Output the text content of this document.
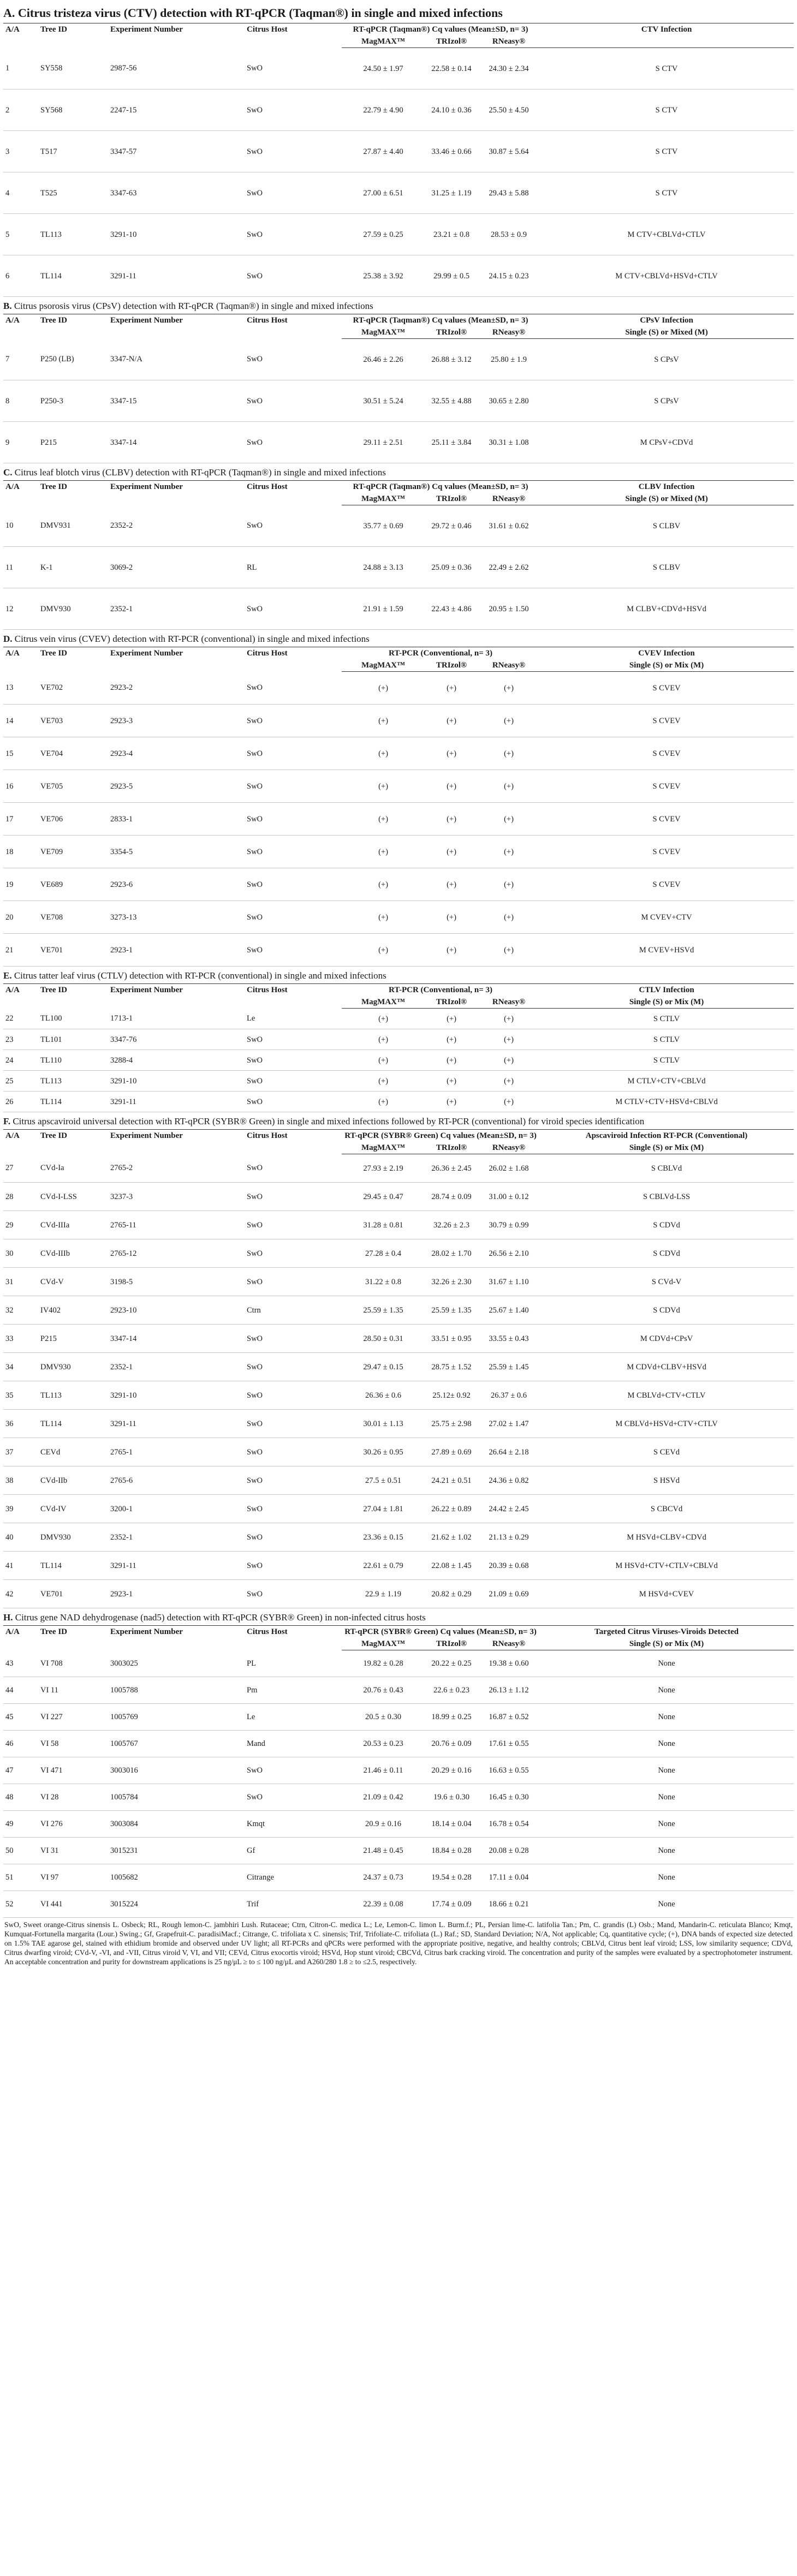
A. Citrus tristeza virus (CTV) detection with RT-qPCR (Taqman®) in single and mixed infections
A/A	Tree ID	Experiment Number	Citrus Host	RT-qPCR (Taqman®) Cq values (Mean±SD, n= 3)			CTV Infection
				MagMAX™	TRIzol®	RNeasy®	
1	SY558	2987-56	SwO	24.50 ± 1.97	22.58 ± 0.14	24.30 ± 2.34	S CTV
2	SY568	2247-15	SwO	22.79 ± 4.90	24.10 ± 0.36	25.50 ± 4.50	S CTV
3	T517	3347-57	SwO	27.87 ± 4.40	33.46 ± 0.66	30.87 ± 5.64	S CTV
4	T525	3347-63	SwO	27.00 ± 6.51	31.25 ± 1.19	29.43 ± 5.88	S CTV
5	TL113	3291-10	SwO	27.59 ± 0.25	23.21 ± 0.8	28.53 ± 0.9	M CTV+CBLVd+CTLV
6	TL114	3291-11	SwO	25.38 ± 3.92	29.99 ± 0.5	24.15 ± 0.23	M CTV+CBLVd+HSVd+CTLV
B. Citrus psorosis virus (CPsV) detection with RT-qPCR (Taqman®) in single and mixed infections
A/A	Tree ID	Experiment Number	Citrus Host	RT-qPCR (Taqman®) Cq values (Mean±SD, n= 3)			CPsV Infection
				MagMAX™	TRIzol®	RNeasy®	Single (S) or Mixed (M)
7	P250 (LB)	3347-N/A	SwO	26.46 ± 2.26	26.88 ± 3.12	25.80 ± 1.9	S CPsV
8	P250-3	3347-15	SwO	30.51 ± 5.24	32.55 ± 4.88	30.65 ± 2.80	S CPsV
9	P215	3347-14	SwO	29.11 ± 2.51	25.11 ± 3.84	30.31 ± 1.08	M CPsV+CDVd
C. Citrus leaf blotch virus (CLBV) detection with RT-qPCR (Taqman®) in single and mixed infections
A/A	Tree ID	Experiment Number	Citrus Host	RT-qPCR (Taqman®) Cq values (Mean±SD, n= 3)			CLBV Infection
				MagMAX™	TRIzol®	RNeasy®	Single (S) or Mixed (M)
10	DMV931	2352-2	SwO	35.77 ± 0.69	29.72 ± 0.46	31.61 ± 0.62	S CLBV
11	K-1	3069-2	RL	24.88 ± 3.13	25.09 ± 0.36	22.49 ± 2.62	S CLBV
12	DMV930	2352-1	SwO	21.91 ± 1.59	22.43 ± 4.86	20.95 ± 1.50	M CLBV+CDVd+HSVd
D. Citrus vein virus (CVEV) detection with RT-PCR (conventional) in single and mixed infections
A/A	Tree ID	Experiment Number	Citrus Host	RT-PCR (Conventional, n= 3)			CVEV Infection
				MagMAX™	TRIzol®	RNeasy®	Single (S) or Mix (M)
13	VE702	2923-2	SwO	(+)	(+)	(+)	S CVEV
14	VE703	2923-3	SwO	(+)	(+)	(+)	S CVEV
15	VE704	2923-4	SwO	(+)	(+)	(+)	S CVEV
16	VE705	2923-5	SwO	(+)	(+)	(+)	S CVEV
17	VE706	2833-1	SwO	(+)	(+)	(+)	S CVEV
18	VE709	3354-5	SwO	(+)	(+)	(+)	S CVEV
19	VE689	2923-6	SwO	(+)	(+)	(+)	S CVEV
20	VE708	3273-13	SwO	(+)	(+)	(+)	M CVEV+CTV
21	VE701	2923-1	SwO	(+)	(+)	(+)	M CVEV+HSVd
E. Citrus tatter leaf virus (CTLV) detection with RT-PCR (conventional) in single and mixed infections
A/A	Tree ID	Experiment Number	Citrus Host	RT-PCR (Conventional, n= 3)			CTLV Infection
				MagMAX™	TRIzol®	RNeasy®	Single (S) or Mix (M)
22	TL100	1713-1	Le	(+)	(+)	(+)	S CTLV
23	TL101	3347-76	SwO	(+)	(+)	(+)	S CTLV
24	TL110	3288-4	SwO	(+)	(+)	(+)	S CTLV
25	TL113	3291-10	SwO	(+)	(+)	(+)	M CTLV+CTV+CBLVd
26	TL114	3291-11	SwO	(+)	(+)	(+)	M CTLV+CTV+HSVd+CBLVd
F. Citrus apscaviroid universal detection with RT-qPCR (SYBR® Green) in single and mixed infections followed by RT-PCR (conventional) for viroid species identification
A/A	Tree ID	Experiment Number	Citrus Host	RT-qPCR (SYBR® Green) Cq values (Mean±SD, n= 3)			Apscaviroid Infection RT-PCR (Conventional)
				MagMAX™	TRIzol®	RNeasy®	Single (S) or Mix (M)
27	CVd-Ia	2765-2	SwO	27.93 ± 2.19	26.36 ± 2.45	26.02 ± 1.68	S CBLVd
28	CVd-I-LSS	3237-3	SwO	29.45 ± 0.47	28.74 ± 0.09	31.00 ± 0.12	S CBLVd-LSS
29	CVd-IIIa	2765-11	SwO	31.28 ± 0.81	32.26 ± 2.3	30.79 ± 0.99	S CDVd
30	CVd-IIIb	2765-12	SwO	27.28 ± 0.4	28.02 ± 1.70	26.56 ± 2.10	S CDVd
31	CVd-V	3198-5	SwO	31.22 ± 0.8	32.26 ± 2.30	31.67 ± 1.10	S CVd-V
32	IV402	2923-10	Ctrn	25.59 ± 1.35	25.59 ± 1.35	25.67 ± 1.40	S CDVd
33	P215	3347-14	SwO	28.50 ± 0.31	33.51 ± 0.95	33.55 ± 0.43	M CDVd+CPsV
34	DMV930	2352-1	SwO	29.47 ± 0.15	28.75 ± 1.52	25.59 ± 1.45	M CDVd+CLBV+HSVd
35	TL113	3291-10	SwO	26.36 ± 0.6	25.12± 0.92	26.37 ± 0.6	M CBLVd+CTV+CTLV
36	TL114	3291-11	SwO	30.01 ± 1.13	25.75 ± 2.98	27.02 ± 1.47	M CBLVd+HSVd+CTV+CTLV
37	CEVd	2765-1	SwO	30.26 ± 0.95	27.89 ± 0.69	26.64 ± 2.18	S CEVd
38	CVd-IIb	2765-6	SwO	27.5 ± 0.51	24.21 ± 0.51	24.36 ± 0.82	S HSVd
39	CVd-IV	3200-1	SwO	27.04 ± 1.81	26.22 ± 0.89	24.42 ± 2.45	S CBCVd
40	DMV930	2352-1	SwO	23.36 ± 0.15	21.62 ± 1.02	21.13 ± 0.29	M HSVd+CLBV+CDVd
41	TL114	3291-11	SwO	22.61 ± 0.79	22.08 ± 1.45	20.39 ± 0.68	M HSVd+CTV+CTLV+CBLVd
42	VE701	2923-1	SwO	22.9 ± 1.19	20.82 ± 0.29	21.09 ± 0.69	M HSVd+CVEV
H. Citrus gene NAD dehydrogenase (nad5) detection with RT-qPCR (SYBR® Green) in non-infected citrus hosts
A/A	Tree ID	Experiment Number	Citrus Host	RT-qPCR (SYBR® Green) Cq values (Mean±SD, n= 3)			Targeted Citrus Viruses-Viroids Detected
				MagMAX™	TRIzol®	RNeasy®	Single (S) or Mix (M)
43	VI 708	3003025	PL	19.82 ± 0.28	20.22 ± 0.25	19.38 ± 0.60	None
44	VI 11	1005788	Pm	20.76 ± 0.43	22.6 ± 0.23	26.13 ± 1.12	None
45	VI 227	1005769	Le	20.5 ± 0.30	18.99 ± 0.25	16.87 ± 0.52	None
46	VI 58	1005767	Mand	20.53 ± 0.23	20.76 ± 0.09	17.61 ± 0.55	None
47	VI 471	3003016	SwO	21.46 ± 0.11	20.29 ± 0.16	16.63 ± 0.55	None
48	VI 28	1005784	SwO	21.09 ± 0.42	19.6 ± 0.30	16.45 ± 0.30	None
49	VI 276	3003084	Kmqt	20.9 ± 0.16	18.14 ± 0.04	16.78 ± 0.54	None
50	VI 31	3015231	Gf	21.48 ± 0.45	18.84 ± 0.28	20.08 ± 0.28	None
51	VI 97	1005682	Citrange	24.37 ± 0.73	19.54 ± 0.28	17.11 ± 0.04	None
52	VI 441	3015224	Trif	22.39 ± 0.08	17.74 ± 0.09	18.66 ± 0.21	None
SwO, Sweet orange-Citrus sinensis L. Osbeck; RL, Rough lemon-C. jambhiri Lush. Rutaceae; Ctrn, Citron-C. medica L.; Le, Lemon-C. limon L. Burm.f.; PL, Persian lime-C. latifolia Tan.; Pm, C. grandis (L) Osb.; Mand, Mandarin-C. reticulata Blanco; Kmqt, Kumquat-Fortunella margarita (Lour.) Swing.; Gf, Grapefruit-C. paradisiMacf.; Citrange, C. trifoliata x C. sinensis; Trif, Trifoliate-C. trifoliata (L.) Raf.; SD, Standard Deviation; N/A, Not applicable; Cq, quantitative cycle; (+), DNA bands of expected size detected on 1.5% TAE agarose gel, stained with ethidium bromide and observed under UV light; all RT-PCRs and qPCRs were performed with the appropriate positive, negative, and healthy controls; CBLVd, Citrus bent leaf viroid; LSS, low similarity sequence; CDVd, Citrus dwarfing viroid; CVd-V, -VI, and -VII, Citrus viroid V, VI, and VII; CEVd, Citrus exocortis viroid; HSVd, Hop stunt viroid; CBCVd, Citrus bark cracking viroid. The concentration and purity of the samples were evaluated by a spectrophotometer instrument. An acceptable concentration and purity for downstream applications is 25 ng/μL ≥ to ≤ 100 ng/μL and A260/280 1.8 ≥ to ≤2.5, respectively.
